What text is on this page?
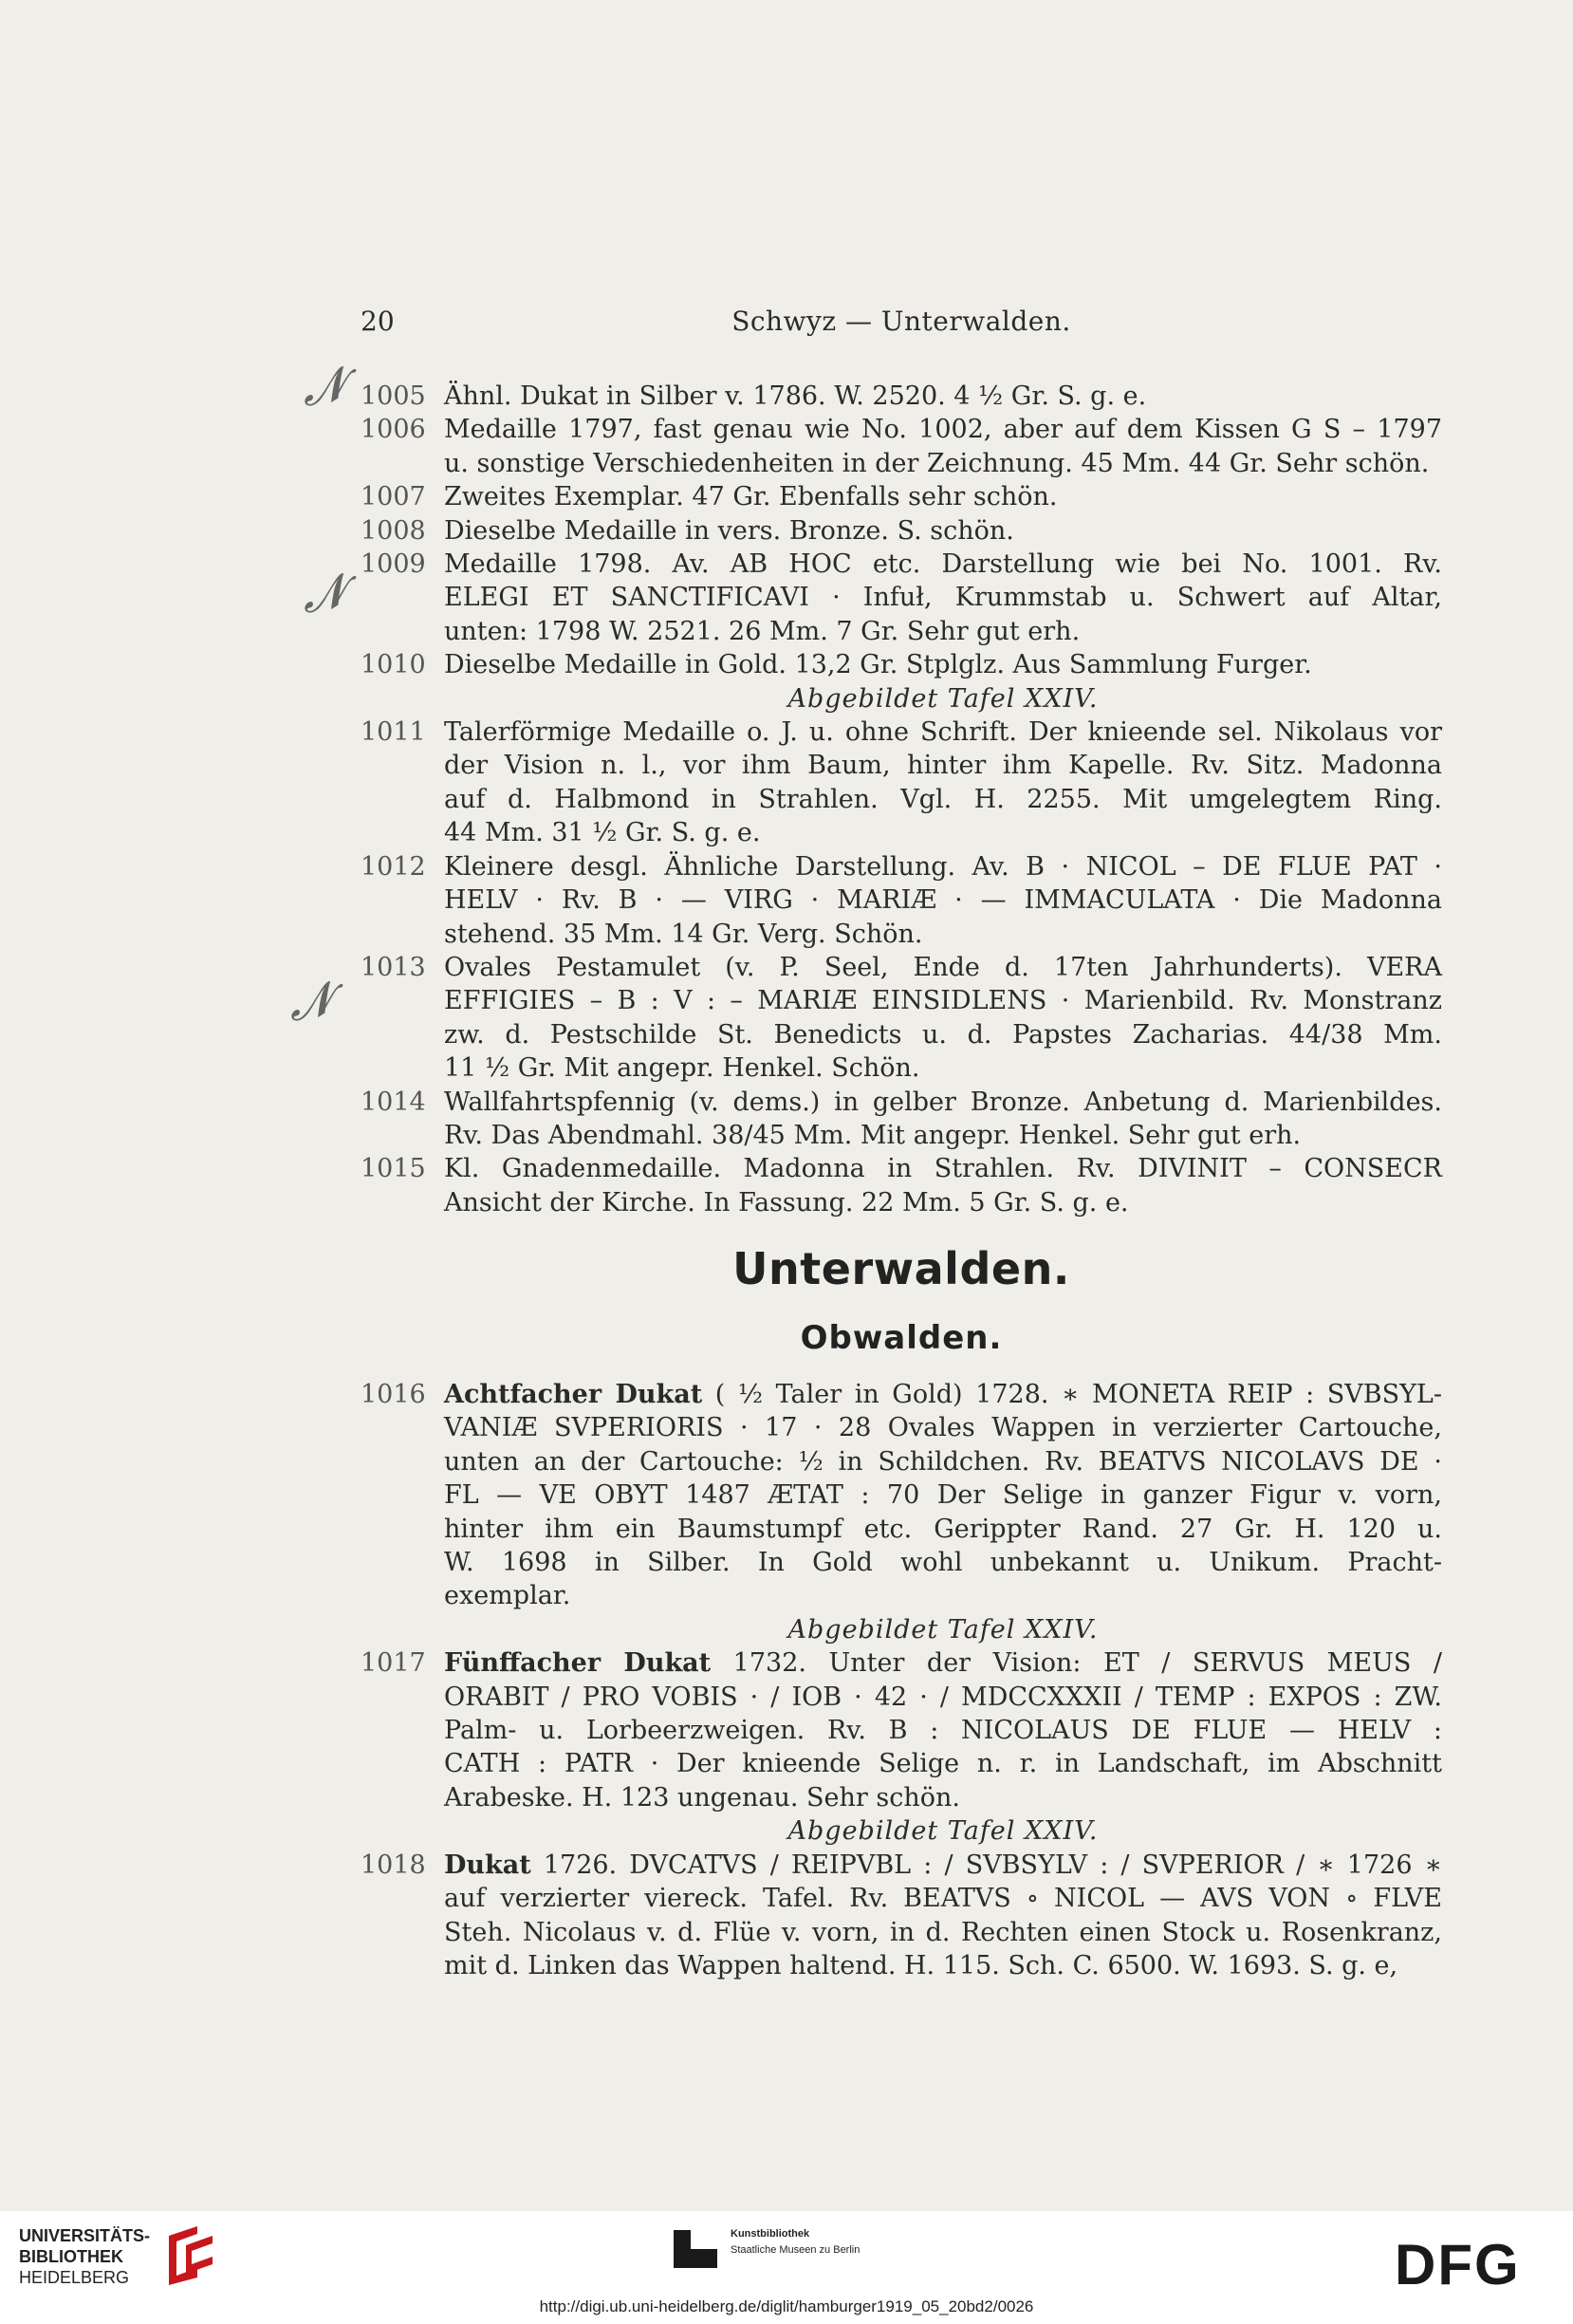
20	Schwyz — Unterwalden.
𝓝
𝓝
𝓝
1005 Ähnl. Dukat in Silber v. 1786. W. 2520. 4 ½ Gr. S. g. e.
1006 Medaille 1797, fast genau wie No. 1002, aber auf dem Kissen G S – 1797
u. sonstige Verschiedenheiten in der Zeichnung. 45 Mm. 44 Gr. Sehr schön.
1007 Zweites Exemplar. 47 Gr. Ebenfalls sehr schön.
1008 Dieselbe Medaille in vers. Bronze. S. schön.
1009 Medaille 1798. Av. AB HOC etc. Darstellung wie bei No. 1001. Rv.
ELEGI ET SANCTIFICAVI · Infuł, Krummstab u. Schwert auf Altar,
unten: 1798 W. 2521. 26 Mm. 7 Gr. Sehr gut erh.
1010 Dieselbe Medaille in Gold. 13,2 Gr. Stplglz. Aus Sammlung Furger.
Abgebildet Tafel XXIV.
1011 Talerförmige Medaille o. J. u. ohne Schrift. Der knieende sel. Nikolaus vor
der Vision n. l., vor ihm Baum, hinter ihm Kapelle. Rv. Sitz. Madonna
auf d. Halbmond in Strahlen. Vgl. H. 2255. Mit umgelegtem Ring.
44 Mm. 31 ½ Gr. S. g. e.
1012 Kleinere desgl. Ähnliche Darstellung. Av. B · NICOL – DE FLUE PAT ·
HELV · Rv. B · — VIRG · MARIÆ · — IMMACULATA · Die Madonna
stehend. 35 Mm. 14 Gr. Verg. Schön.
1013 Ovales Pestamulet (v. P. Seel, Ende d. 17ten Jahrhunderts). VERA
EFFIGIES – B : V : – MARIÆ EINSIDLENS · Marienbild. Rv. Monstranz
zw. d. Pestschilde St. Benedicts u. d. Papstes Zacharias. 44/38 Mm.
11 ½ Gr. Mit angepr. Henkel. Schön.
1014 Wallfahrtspfennig (v. dems.) in gelber Bronze. Anbetung d. Marienbildes.
Rv. Das Abendmahl. 38/45 Mm. Mit angepr. Henkel. Sehr gut erh.
1015 Kl. Gnadenmedaille. Madonna in Strahlen. Rv. DIVINIT – CONSECR
Ansicht der Kirche. In Fassung. 22 Mm. 5 Gr. S. g. e.
Unterwalden.
Obwalden.
1016 Achtfacher Dukat ( ½ Taler in Gold) 1728. ∗ MONETA REIP : SVBSYL-
VANIÆ SVPERIORIS · 17 · 28 Ovales Wappen in verzierter Cartouche,
unten an der Cartouche: ½ in Schildchen. Rv. BEATVS NICOLAVS DE ·
FL — VE OBYT 1487 ÆTAT : 70 Der Selige in ganzer Figur v. vorn,
hinter ihm ein Baumstumpf etc. Gerippter Rand. 27 Gr. H. 120 u.
W. 1698 in Silber. In Gold wohl unbekannt u. Unikum. Pracht-
exemplar.
Abgebildet Tafel XXIV.
1017 Fünffacher Dukat 1732. Unter der Vision: ET / SERVUS MEUS /
ORABIT / PRO VOBIS · / IOB · 42 · / MDCCXXXII / TEMP : EXPOS : ZW.
Palm- u. Lorbeerzweigen. Rv. B : NICOLAUS DE FLUE — HELV :
CATH : PATR · Der knieende Selige n. r. in Landschaft, im Abschnitt
Arabeske. H. 123 ungenau. Sehr schön.
Abgebildet Tafel XXIV.
1018 Dukat 1726. DVCATVS / REIPVBL : / SVBSYLV : / SVPERIOR / ∗ 1726 ∗
auf verzierter viereck. Tafel. Rv. BEATVS ∘ NICOL — AVS VON ∘ FLVE
Steh. Nicolaus v. d. Flüe v. vorn, in d. Rechten einen Stock u. Rosenkranz,
mit d. Linken das Wappen haltend. H. 115. Sch. C. 6500. W. 1693. S. g. e,
UNIVERSITÄTS-
BIBLIOTHEK
HEIDELBERG
Kunstbibliothek
Staatliche Museen zu Berlin	DFG
http://digi.ub.uni-heidelberg.de/diglit/hamburger1919_05_20bd2/0026
